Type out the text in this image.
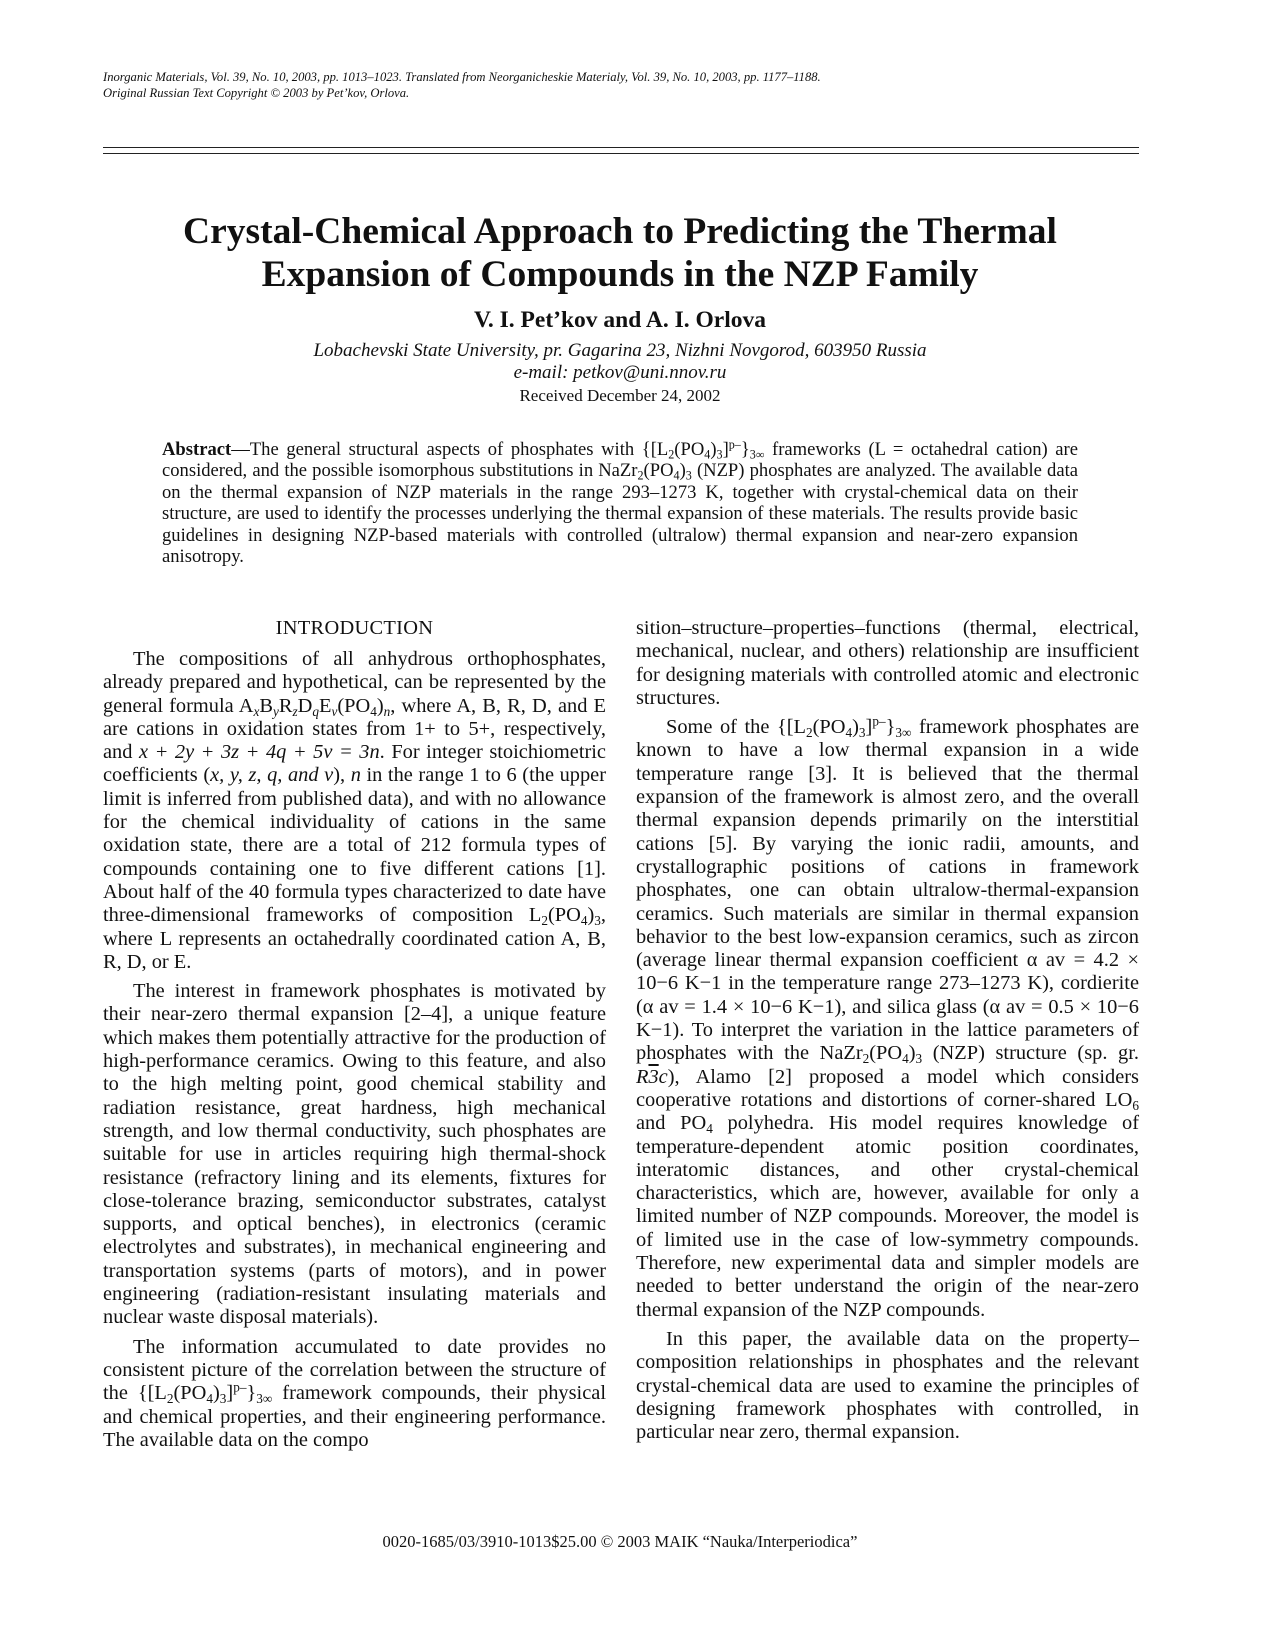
Inorganic Materials, Vol. 39, No. 10, 2003, pp. 1013–1023. Translated from Neorganicheskie Materialy, Vol. 39, No. 10, 2003, pp. 1177–1188.
Original Russian Text Copyright © 2003 by Pet’kov, Orlova.
Crystal-Chemical Approach to Predicting the Thermal
Expansion of Compounds in the NZP Family
V. I. Pet’kov and A. I. Orlova
Lobachevski State University, pr. Gagarina 23, Nizhni Novgorod, 603950 Russia
e-mail: petkov@uni.nnov.ru
Received December 24, 2002
Abstract—The general structural aspects of phosphates with $\{[L_2(PO_4)_3]^{p-}\}_{3\infty}$ frameworks (L = octahedral cation) are considered, and the possible isomorphous substitutions in $NaZr_2(PO_4)_3$ (NZP) phosphates are analyzed. The available data on the thermal expansion of NZP materials in the range 293–1273 K, together with crystal-chemical data on their structure, are used to identify the processes underlying the thermal expansion of these materials. The results provide basic guidelines in designing NZP-based materials with controlled (ultralow) thermal expansion and near-zero expansion anisotropy.
INTRODUCTION

The compositions of all anhydrous orthophosphates, already prepared and hypothetical, can be represented by the general formula $A_xB_yR_zD_qE_v(PO_4)_n$, where A, B, R, D, and E are cations in oxidation states from 1+ to 5+, respectively, and x + 2y + 3z + 4q + 5v = 3n. For integer stoichiometric coefficients (x, y, z, q, and v), n in the range 1 to 6 (the upper limit is inferred from published data), and with no allowance for the chemical individuality of cations in the same oxidation state, there are a total of 212 formula types of compounds containing one to five different cations [1]. About half of the 40 formula types characterized to date have three-dimensional frameworks of composition $L_2(PO_4)_3$, where L represents an octahedrally coordinated cation A, B, R, D, or E.

The interest in framework phosphates is motivated by their near-zero thermal expansion [2–4], a unique feature which makes them potentially attractive for the production of high-performance ceramics. Owing to this feature, and also to the high melting point, good chemical stability and radiation resistance, great hardness, high mechanical strength, and low thermal conductivity, such phosphates are suitable for use in articles requiring high thermal-shock resistance (refractory lining and its elements, fixtures for close-tolerance brazing, semiconductor substrates, catalyst supports, and optical benches), in electronics (ceramic electrolytes and substrates), in mechanical engineering and transportation systems (parts of motors), and in power engineering (radiation-resistant insulating materials and nuclear waste disposal materials).

The information accumulated to date provides no consistent picture of the correlation between the structure of the $\{[L_2(PO_4)_3]^{p-}\}_{3\infty}$ framework compounds, their physical and chemical properties, and their engineering performance. The available data on the compo

sition–structure–properties–functions (thermal, electrical, mechanical, nuclear, and others) relationship are insufficient for designing materials with controlled atomic and electronic structures.

Some of the $\{[L_2(PO_4)_3]^{p-}\}_{3\infty}$ framework phosphates are known to have a low thermal expansion in a wide temperature range [3]. It is believed that the thermal expansion of the framework is almost zero, and the overall thermal expansion depends primarily on the interstitial cations [5]. By varying the ionic radii, amounts, and crystallographic positions of cations in framework phosphates, one can obtain ultralow-thermal-expansion ceramics. Such materials are similar in thermal expansion behavior to the best low-expansion ceramics, such as zircon (average linear thermal expansion coefficient α av = 4.2 × 10−6 K−1 in the temperature range 273–1273 K), cordierite (α av = 1.4 × 10−6 K−1), and silica glass (α av = 0.5 × 10−6 K−1). To interpret the variation in the lattice parameters of phosphates with the $NaZr_2(PO_4)_3$ (NZP) structure (sp. gr. R3c), Alamo [2] proposed a model which considers cooperative rotations and distortions of corner-shared $LO_6$ and $PO_4$ polyhedra. His model requires knowledge of temperature-dependent atomic position coordinates, interatomic distances, and other crystal-chemical characteristics, which are, however, available for only a limited number of NZP compounds. Moreover, the model is of limited use in the case of low-symmetry compounds. Therefore, new experimental data and simpler models are needed to better understand the origin of the near-zero thermal expansion of the NZP compounds.

In this paper, the available data on the property–composition relationships in phosphates and the relevant crystal-chemical data are used to examine the principles of designing framework phosphates with controlled, in particular near zero, thermal expansion.

0020-1685/03/3910-1013$25.00 © 2003 MAIK “Nauka/Interperiodica”
